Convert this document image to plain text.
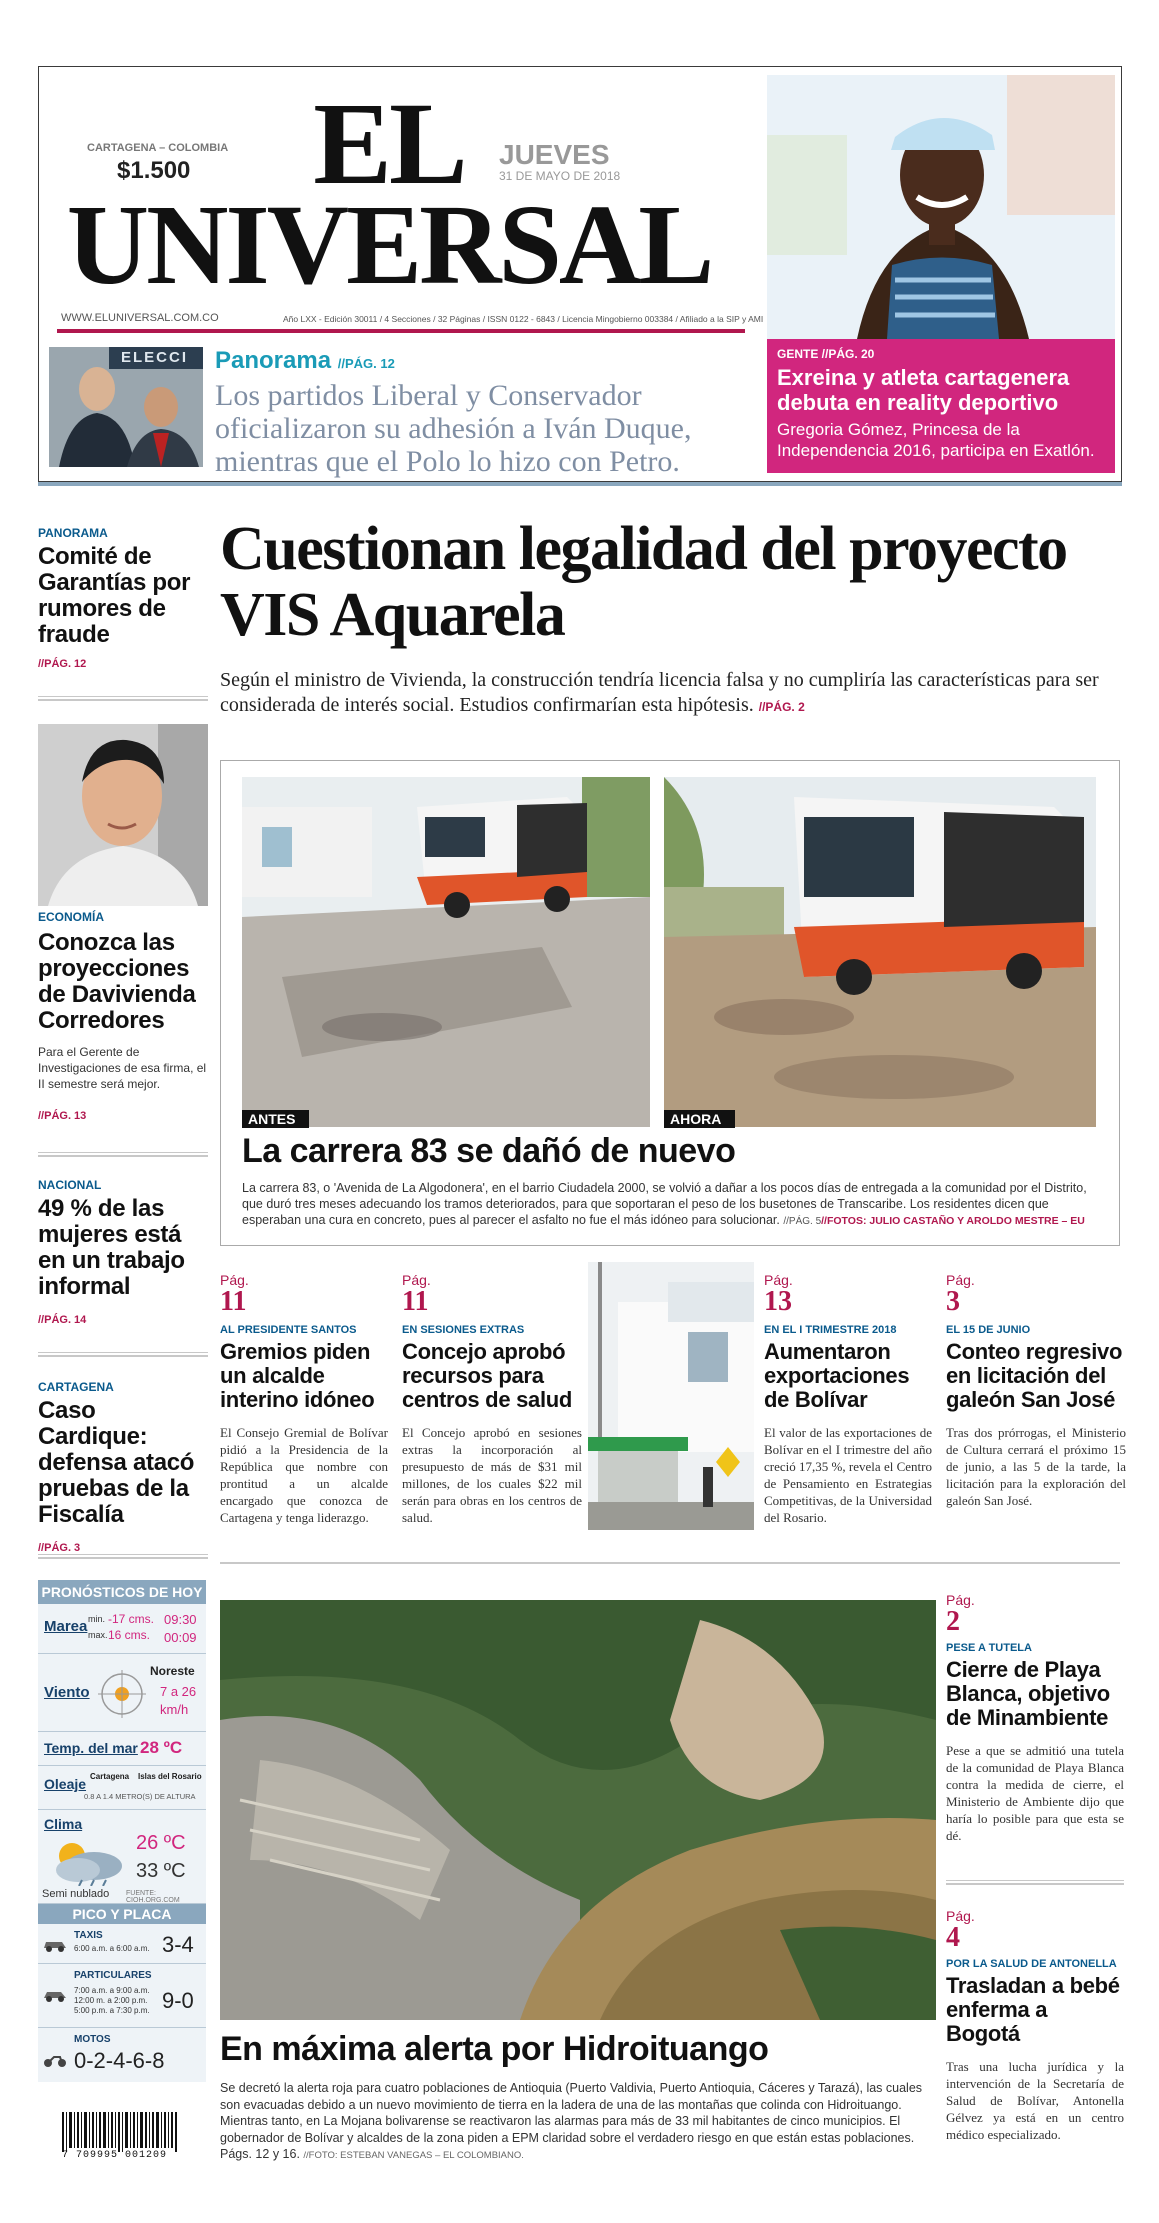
CARTAGENA – COLOMBIA
$1.500
JUEVES
31 DE MAYO DE 2018
EL
UNIVERSAL
WWW.ELUNIVERSAL.COM.CO	Año LXX - Edición 30011 / 4 Secciones / 32 Páginas / ISSN 0122 - 6843 / Licencia Mingobierno 003384 / Afiliado a la SIP y AMI
ELECCI Panorama //PÁG. 12
Los partidos Liberal y Conservador oficializaron su adhesión a Iván Duque, mientras que el Polo lo hizo con Petro.
GENTE //PÁG. 20
Exreina y atleta cartagenera debuta en reality deportivo
Gregoria Gómez, Princesa de la Independencia 2016, participa en Exatlón.
PANORAMA
Comité de Garantías por rumores de fraude
//PÁG. 12
ECONOMÍA
Conozca las proyecciones de Davivienda Corredores
Para el Gerente de Investigaciones de esa firma, el II semestre será mejor.
//PÁG. 13
NACIONAL
49 % de las mujeres está en un trabajo informal
//PÁG. 14
CARTAGENA
Caso Cardique: defensa atacó pruebas de la Fiscalía
//PÁG. 3
Cuestionan legalidad del proyecto VIS Aquarela
Según el ministro de Vivienda, la construcción tendría licencia falsa y no cumpliría las características para ser considerada de interés social. Estudios confirmarían esta hipótesis. //PÁG. 2
ANTES	AHORA
La carrera 83 se dañó de nuevo
La carrera 83, o 'Avenida de La Algodonera', en el barrio Ciudadela 2000, se volvió a dañar a los pocos días de entregada a la comunidad por el Distrito, que duró tres meses adecuando los tramos deteriorados, para que soportaran el peso de los busetones de Transcaribe. Los residentes dicen que esperaban una cura en concreto, pues al parecer el asfalto no fue el más idóneo para solucionar. //PÁG. 5//FOTOS: JULIO CASTAÑO Y AROLDO MESTRE – EU
Pág.
11
AL PRESIDENTE SANTOS
Gremios piden un alcalde interino idóneo
El Consejo Gremial de Bolívar pidió a la Presidencia de la República que nombre con prontitud a un alcalde encargado que conozca de Cartagena y tenga liderazgo.
Pág.
11
EN SESIONES EXTRAS
Concejo aprobó recursos para centros de salud
El Concejo aprobó en sesiones extras la incorporación al presupuesto de más de $31 mil millones, de los cuales $22 mil serán para obras en los centros de salud.
Pág.
13
EN EL I TRIMESTRE 2018
Aumentaron exportaciones de Bolívar
El valor de las exportaciones de Bolívar en el I trimestre del año creció 17,35 %, revela el Centro de Pensamiento en Estrategias Competitivas, de la Universidad del Rosario.
Pág.
3
EL 15 DE JUNIO
Conteo regresivo en licitación del galeón San José
Tras dos prórrogas, el Ministerio de Cultura cerrará el próximo 15 de junio, a las 5 de la tarde, la licitación para la exploración del galeón San José.
PRONÓSTICOS DE HOY
Marea min. -17 cms.
max. 16 cms.
09:30
00:09
Viento
Noreste
7 a 26
km/h
Temp. del mar 28 ºC
Oleaje Cartagena Islas del Rosario
0.8 A 1.4 METRO(S) DE ALTURA
Clima
26 ºC
33 ºC
Semi nublado FUENTE: CIOH.ORG.COM
PICO Y PLACA
TAXIS
6:00 a.m. a 6:00 a.m. 3-4
PARTICULARES
7:00 a.m. a 9:00 a.m.
12:00 m. a 2:00 p.m.
5:00 p.m. a 7:30 p.m. 9-0
MOTOS
0-2-4-6-8
7 709995 001209
En máxima alerta por Hidroituango
Se decretó la alerta roja para cuatro poblaciones de Antioquia (Puerto Valdivia, Puerto Antioquia, Cáceres y Tarazá), las cuales son evacuadas debido a un nuevo movimiento de tierra en la ladera de una de las montañas que colinda con Hidroituango. Mientras tanto, en La Mojana bolivarense se reactivaron las alarmas para más de 33 mil habitantes de cinco municipios. El gobernador de Bolívar y alcaldes de la zona piden a EPM claridad sobre el verdadero riesgo en que están estas poblaciones. Págs. 12 y 16. //FOTO: ESTEBAN VANEGAS – EL COLOMBIANO.
Pág.
2
PESE A TUTELA
Cierre de Playa Blanca, objetivo de Minambiente
Pese a que se admitió una tutela de la comunidad de Playa Blanca contra la medida de cierre, el Ministerio de Ambiente dijo que haría lo posible para que esta se dé.
Pág.
4
POR LA SALUD DE ANTONELLA
Trasladan a bebé enferma a Bogotá
Tras una lucha jurídica y la intervención de la Secretaría de Salud de Bolívar, Antonella Gélvez ya está en un centro médico especializado.
